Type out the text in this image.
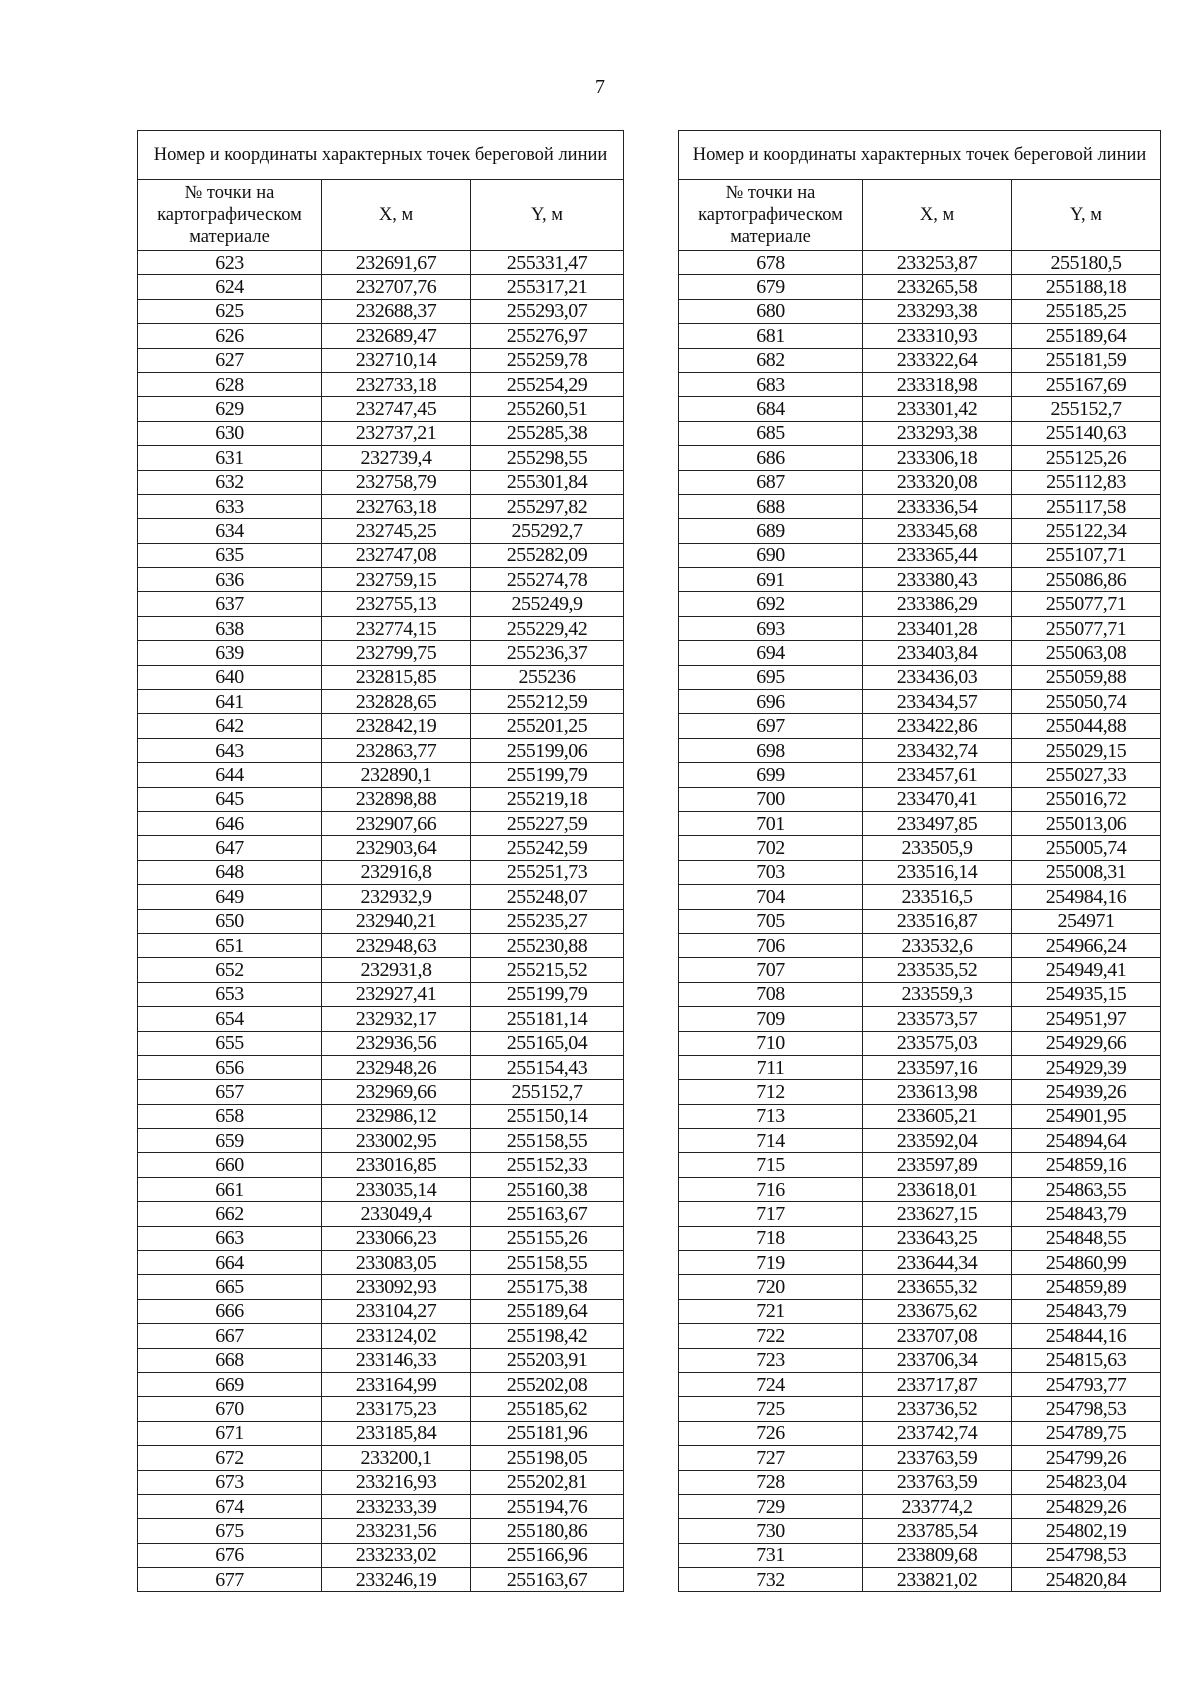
7
Номер и координаты характерных точек береговой линии		
№ точки на картографическом материале	X, м	Y, м
623	232691,67	255331,47
624	232707,76	255317,21
625	232688,37	255293,07
626	232689,47	255276,97
627	232710,14	255259,78
628	232733,18	255254,29
629	232747,45	255260,51
630	232737,21	255285,38
631	232739,4	255298,55
632	232758,79	255301,84
633	232763,18	255297,82
634	232745,25	255292,7
635	232747,08	255282,09
636	232759,15	255274,78
637	232755,13	255249,9
638	232774,15	255229,42
639	232799,75	255236,37
640	232815,85	255236
641	232828,65	255212,59
642	232842,19	255201,25
643	232863,77	255199,06
644	232890,1	255199,79
645	232898,88	255219,18
646	232907,66	255227,59
647	232903,64	255242,59
648	232916,8	255251,73
649	232932,9	255248,07
650	232940,21	255235,27
651	232948,63	255230,88
652	232931,8	255215,52
653	232927,41	255199,79
654	232932,17	255181,14
655	232936,56	255165,04
656	232948,26	255154,43
657	232969,66	255152,7
658	232986,12	255150,14
659	233002,95	255158,55
660	233016,85	255152,33
661	233035,14	255160,38
662	233049,4	255163,67
663	233066,23	255155,26
664	233083,05	255158,55
665	233092,93	255175,38
666	233104,27	255189,64
667	233124,02	255198,42
668	233146,33	255203,91
669	233164,99	255202,08
670	233175,23	255185,62
671	233185,84	255181,96
672	233200,1	255198,05
673	233216,93	255202,81
674	233233,39	255194,76
675	233231,56	255180,86
676	233233,02	255166,96
677	233246,19	255163,67
Номер и координаты характерных точек береговой линии		
№ точки на картографическом материале	X, м	Y, м
678	233253,87	255180,5
679	233265,58	255188,18
680	233293,38	255185,25
681	233310,93	255189,64
682	233322,64	255181,59
683	233318,98	255167,69
684	233301,42	255152,7
685	233293,38	255140,63
686	233306,18	255125,26
687	233320,08	255112,83
688	233336,54	255117,58
689	233345,68	255122,34
690	233365,44	255107,71
691	233380,43	255086,86
692	233386,29	255077,71
693	233401,28	255077,71
694	233403,84	255063,08
695	233436,03	255059,88
696	233434,57	255050,74
697	233422,86	255044,88
698	233432,74	255029,15
699	233457,61	255027,33
700	233470,41	255016,72
701	233497,85	255013,06
702	233505,9	255005,74
703	233516,14	255008,31
704	233516,5	254984,16
705	233516,87	254971
706	233532,6	254966,24
707	233535,52	254949,41
708	233559,3	254935,15
709	233573,57	254951,97
710	233575,03	254929,66
711	233597,16	254929,39
712	233613,98	254939,26
713	233605,21	254901,95
714	233592,04	254894,64
715	233597,89	254859,16
716	233618,01	254863,55
717	233627,15	254843,79
718	233643,25	254848,55
719	233644,34	254860,99
720	233655,32	254859,89
721	233675,62	254843,79
722	233707,08	254844,16
723	233706,34	254815,63
724	233717,87	254793,77
725	233736,52	254798,53
726	233742,74	254789,75
727	233763,59	254799,26
728	233763,59	254823,04
729	233774,2	254829,26
730	233785,54	254802,19
731	233809,68	254798,53
732	233821,02	254820,84
